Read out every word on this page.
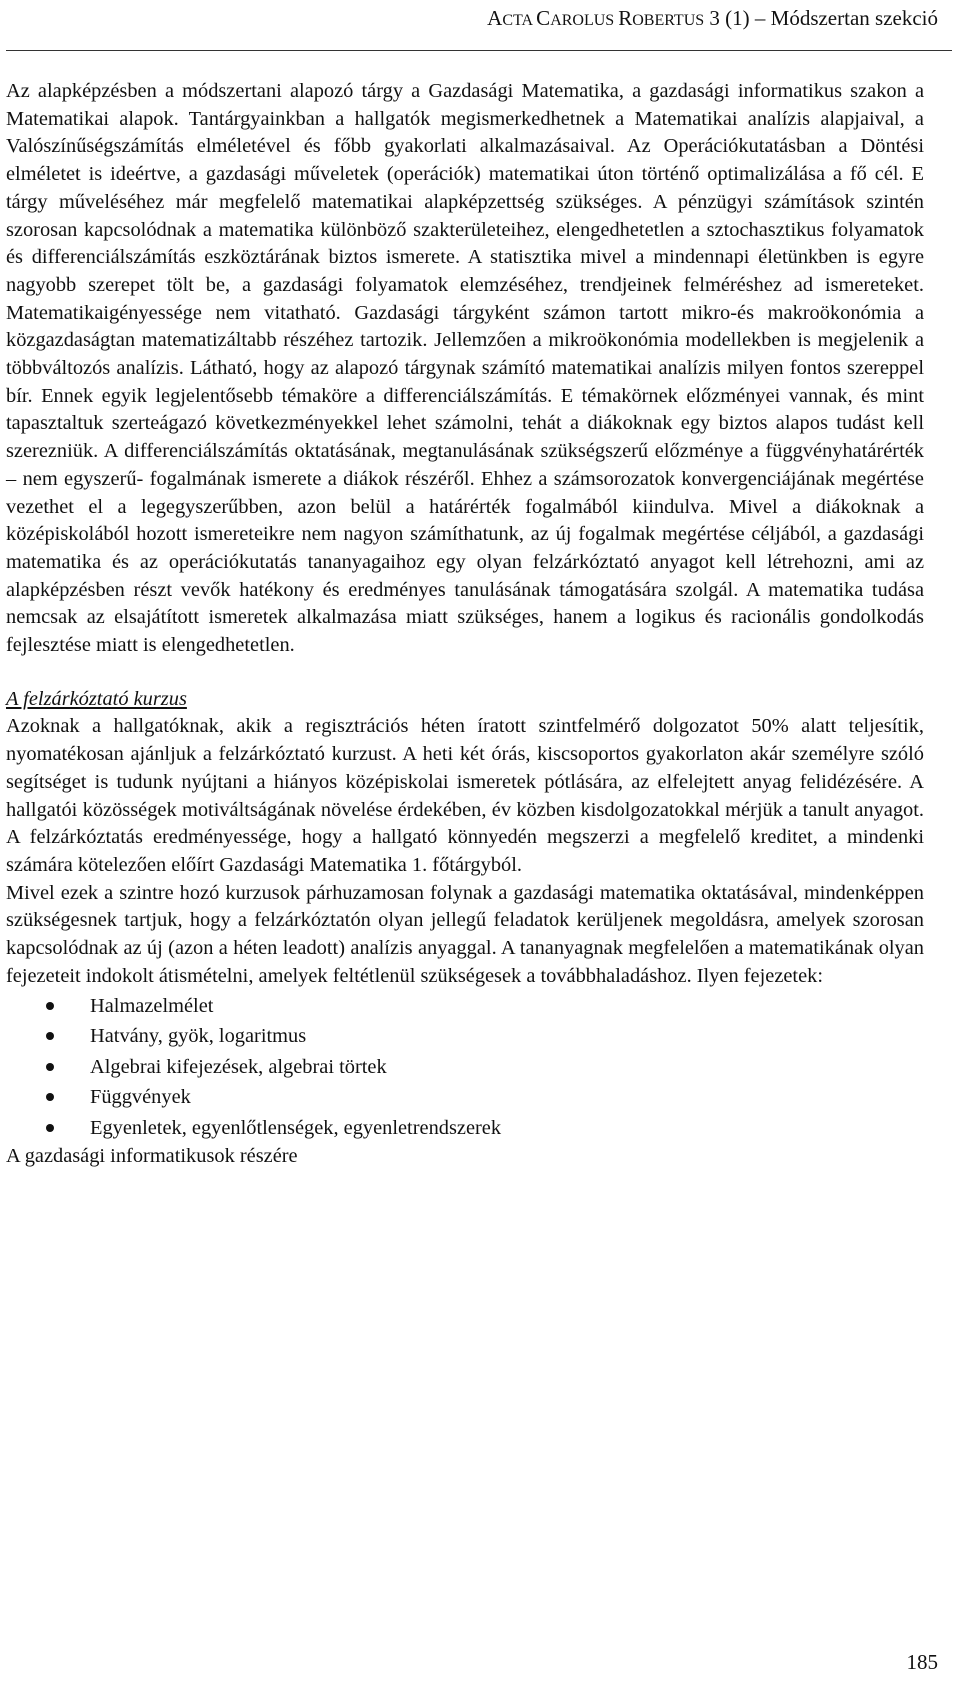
ACTA CAROLUS ROBERTUS 3 (1) – Módszertan szekció

Az alapképzésben a módszertani alapozó tárgy a Gazdasági Matematika, a gazdasági informatikus szakon a Matematikai alapok. Tantárgyainkban a hallgatók megismerkedhetnek a Matematikai analízis alapjaival, a Valószínűségszámítás elméletével és főbb gyakorlati alkalmazásaival. Az Operációkutatásban a Döntési elméletet is ideértve, a gazdasági műveletek (operációk) matematikai úton történő optimalizálása a fő cél. E tárgy műveléséhez már megfelelő matematikai alapképzettség szükséges. A pénzügyi számítások szintén szorosan kapcsolódnak a matematika különböző szakterületeihez, elengedhetetlen a sztochasztikus folyamatok és differenciálszámítás eszköztárának biztos ismerete. A statisztika mivel a mindennapi életünkben is egyre nagyobb szerepet tölt be, a gazdasági folyamatok elemzéséhez, trendjeinek felméréshez ad ismereteket. Matematikaigényessége nem vitatható. Gazdasági tárgyként számon tartott mikro-és makroökonómia a közgazdaságtan matematizáltabb részéhez tartozik. Jellemzően a mikroökonómia modellekben is megjelenik a többváltozós analízis. Látható, hogy az alapozó tárgynak számító matematikai analízis milyen fontos szereppel bír. Ennek egyik legjelentősebb témaköre a differenciálszámítás. E témakörnek előzményei vannak, és mint tapasztaltuk szerteágazó következményekkel lehet számolni, tehát a diákoknak egy biztos alapos tudást kell szerezniük. A differenciálszámítás oktatásának, megtanulásának szükségszerű előzménye a függvényhatárérték – nem egyszerű- fogalmának ismerete a diákok részéről. Ehhez a számsorozatok konvergenciájának megértése vezethet el a legegyszerűbben, azon belül a határérték fogalmából kiindulva. Mivel a diákoknak a középiskolából hozott ismereteikre nem nagyon számíthatunk, az új fogalmak megértése céljából, a gazdasági matematika és az operációkutatás tananyagaihoz egy olyan felzárkóztató anyagot kell létrehozni, ami az alapképzésben részt vevők hatékony és eredményes tanulásának támogatására szolgál. A matematika tudása nemcsak az elsajátított ismeretek alkalmazása miatt szükséges, hanem a logikus és racionális gondolkodás fejlesztése miatt is elengedhetetlen.

A felzárkóztató kurzus

Azoknak a hallgatóknak, akik a regisztrációs héten íratott szintfelmérő dolgozatot 50% alatt teljesítik, nyomatékosan ajánljuk a felzárkóztató kurzust. A heti két órás, kiscsoportos gyakorlaton akár személyre szóló segítséget is tudunk nyújtani a hiányos középiskolai ismeretek pótlására, az elfelejtett anyag felidézésére. A hallgatói közösségek motiváltságának növelése érdekében, év közben kisdolgozatokkal mérjük a tanult anyagot. A felzárkóztatás eredményessége, hogy a hallgató könnyedén megszerzi a megfelelő kreditet, a mindenki számára kötelezően előírt Gazdasági Matematika 1. főtárgyból.

Mivel ezek a szintre hozó kurzusok párhuzamosan folynak a gazdasági matematika oktatásával, mindenképpen szükségesnek tartjuk, hogy a felzárkóztatón olyan jellegű feladatok kerüljenek megoldásra, amelyek szorosan kapcsolódnak az új (azon a héten leadott) analízis anyaggal. A tananyagnak megfelelően a matematikának olyan fejezeteit indokolt átismételni, amelyek feltétlenül szükségesek a továbbhaladáshoz. Ilyen fejezetek:

Halmazelmélet
Hatvány, gyök, logaritmus
Algebrai kifejezések, algebrai törtek
Függvények
Egyenletek, egyenlőtlenségek, egyenletrendszerek

A gazdasági informatikusok részére

185
